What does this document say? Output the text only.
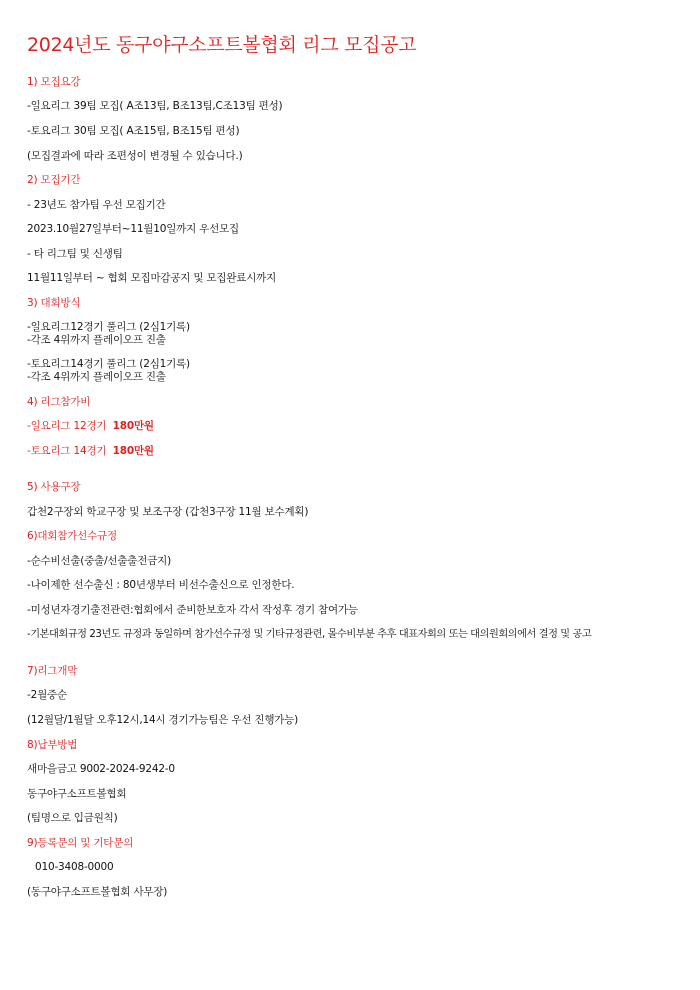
2024년도 동구야구소프트볼협회 리그 모집공고
1) 모집요강
-일요리그 39팀 모집( A조13팀, B조13팀,C조13팀 편성)
-토요리그 30팀 모집( A조15팀, B조15팀 편성)
(모집결과에 따라 조편성이 변경될 수 있습니다.)
2) 모집기간
- 23년도 참가팀 우선 모집기간
2023.10월27일부터~11월10일까지 우선모집
- 타 리그팀 및 신생팀
11월11일부터 ~ 협회 모집마감공지 및 모집완료시까지
3) 대회방식
-일요리그12경기 풀리그 (2심1기록)
-각조 4위까지 플레이오프 진출
-토요리그14경기 풀리그 (2심1기록)
-각조 4위까지 플레이오프 진출
4) 리그참가비
-일요리그 12경기 180만원
-토요리그 14경기 180만원
5) 사용구장
갑천2구장외 학교구장 및 보조구장 (갑천3구장 11월 보수계획)
6)대회참가선수규정
-순수비선출(중출/선출출전금지)
-나이제한 선수출신 : 80년생부터 비선수출신으로 인정한다.
-미성년자경기출전관련:협회에서 준비한보호자 각서 작성후 경기 참여가능
-기본대회규정 23년도 규정과 동일하며 참가선수규정 및 기타규정관련, 몰수비부분 추후 대표자회의 또는 대의원회의에서 결정 및 공고
7)리그개막
-2월중순
(12월달/1월달 오후12시,14시 경기가능팀은 우선 진행가능)
8)납부방법
새마을금고 9002-2024-9242-0
동구야구소프트볼협회
(팀명으로 입금원칙)
9)등록문의 및 기타문의
010-3408-0000
(동구야구소프트볼협회 사무장)
